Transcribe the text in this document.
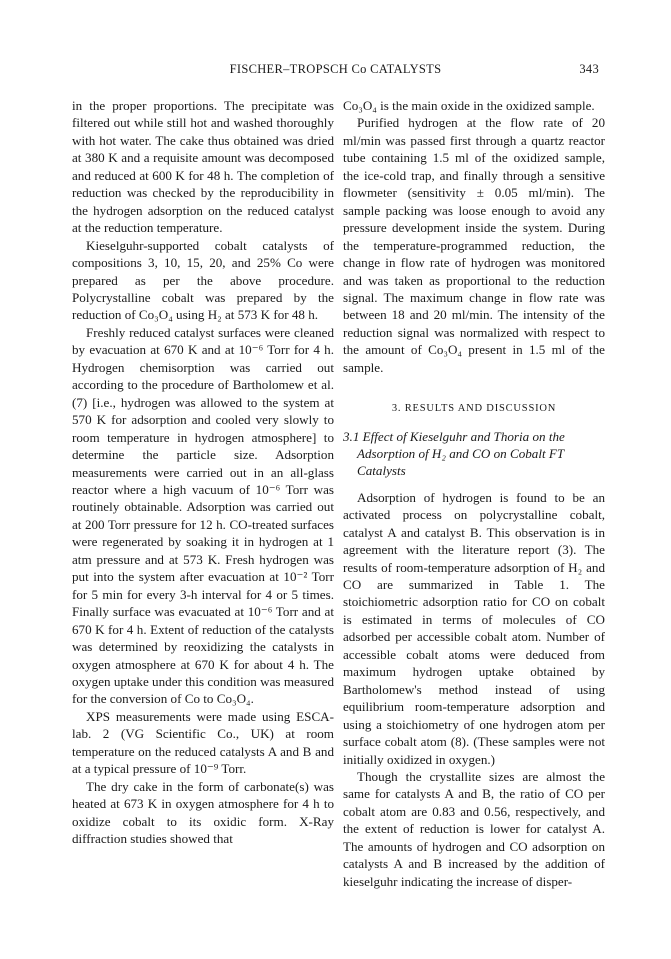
FISCHER–TROPSCH Co CATALYSTS	343

in the proper proportions. The precipitate was filtered out while still hot and washed thoroughly with hot water. The cake thus obtained was dried at 380 K and a requisite amount was decomposed and reduced at 600 K for 48 h. The completion of reduction was checked by the reproducibility in the hydrogen adsorption on the reduced catalyst at the reduction temperature.

Kieselguhr-supported cobalt catalysts of compositions 3, 10, 15, 20, and 25% Co were prepared as per the above procedure. Polycrystalline cobalt was prepared by the reduction of Co₃O₄ using H₂ at 573 K for 48 h.

Freshly reduced catalyst surfaces were cleaned by evacuation at 670 K and at 10⁻⁶ Torr for 4 h. Hydrogen chemisorption was carried out according to the procedure of Bartholomew et al. (7) [i.e., hydrogen was allowed to the system at 570 K for adsorption and cooled very slowly to room temperature in hydrogen atmosphere] to determine the particle size. Adsorption measurements were carried out in an all-glass reactor where a high vacuum of 10⁻⁶ Torr was routinely obtainable. Adsorption was carried out at 200 Torr pressure for 12 h. CO-treated surfaces were regenerated by soaking it in hydrogen at 1 atm pressure and at 573 K. Fresh hydrogen was put into the system after evacuation at 10⁻² Torr for 5 min for every 3-h interval for 4 or 5 times. Finally surface was evacuated at 10⁻⁶ Torr and at 670 K for 4 h. Extent of reduction of the catalysts was determined by reoxidizing the catalysts in oxygen atmosphere at 670 K for about 4 h. The oxygen uptake under this condition was measured for the conversion of Co to Co₃O₄.

XPS measurements were made using ESCA-lab. 2 (VG Scientific Co., UK) at room temperature on the reduced catalysts A and B and at a typical pressure of 10⁻⁹ Torr.

The dry cake in the form of carbonate(s) was heated at 673 K in oxygen atmosphere for 4 h to oxidize cobalt to its oxidic form. X-Ray diffraction studies showed that

Co₃O₄ is the main oxide in the oxidized sample.

Purified hydrogen at the flow rate of 20 ml/min was passed first through a quartz reactor tube containing 1.5 ml of the oxidized sample, the ice-cold trap, and finally through a sensitive flowmeter (sensitivity ± 0.05 ml/min). The sample packing was loose enough to avoid any pressure development inside the system. During the temperature-programmed reduction, the change in flow rate of hydrogen was monitored and was taken as proportional to the reduction signal. The maximum change in flow rate was between 18 and 20 ml/min. The intensity of the reduction signal was normalized with respect to the amount of Co₃O₄ present in 1.5 ml of the sample.

3. RESULTS AND DISCUSSION

3.1 Effect of Kieselguhr and Thoria on the Adsorption of H₂ and CO on Cobalt FT Catalysts

Adsorption of hydrogen is found to be an activated process on polycrystalline cobalt, catalyst A and catalyst B. This observation is in agreement with the literature report (3). The results of room-temperature adsorption of H₂ and CO are summarized in Table 1. The stoichiometric adsorption ratio for CO on cobalt is estimated in terms of molecules of CO adsorbed per accessible cobalt atom. Number of accessible cobalt atoms were deduced from maximum hydrogen uptake obtained by Bartholomew's method instead of using equilibrium room-temperature adsorption and using a stoichiometry of one hydrogen atom per surface cobalt atom (8). (These samples were not initially oxidized in oxygen.)

Though the crystallite sizes are almost the same for catalysts A and B, the ratio of CO per cobalt atom are 0.83 and 0.56, respectively, and the extent of reduction is lower for catalyst A. The amounts of hydrogen and CO adsorption on catalysts A and B increased by the addition of kieselguhr indicating the increase of disper-
